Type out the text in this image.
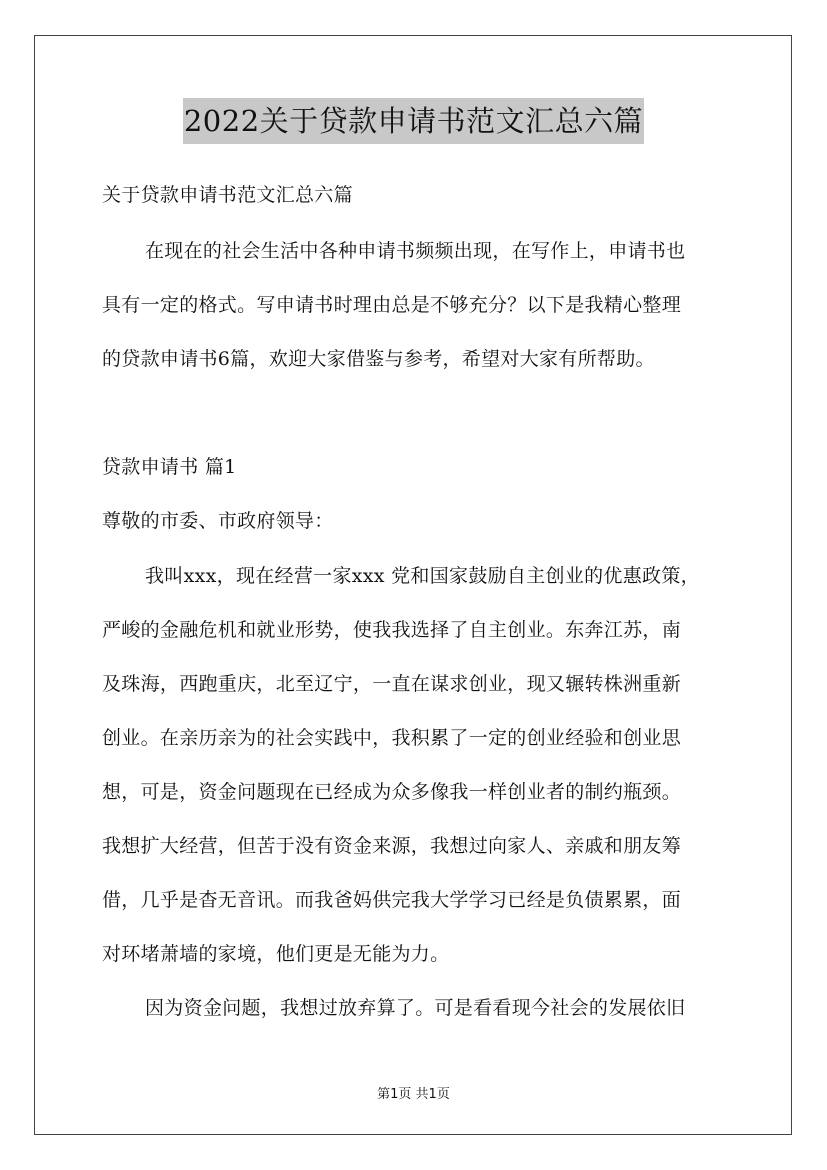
2022关于贷款申请书范文汇总六篇
关于贷款申请书范文汇总六篇
在现在的社会生活中各种申请书频频出现，在写作上，申请书也
具有一定的格式。写申请书时理由总是不够充分？以下是我精心整理
的贷款申请书6篇，欢迎大家借鉴与参考，希望对大家有所帮助。
贷款申请书 篇1
尊敬的市委、市政府领导：
我叫xxx，现在经营一家xxx 党和国家鼓励自主创业的优惠政策，
严峻的金融危机和就业形势，使我我选择了自主创业。东奔江苏，南
及珠海，西跑重庆，北至辽宁，一直在谋求创业，现又辗转株洲重新
创业。在亲历亲为的社会实践中，我积累了一定的创业经验和创业思
想，可是，资金问题现在已经成为众多像我一样创业者的制约瓶颈。
我想扩大经营，但苦于没有资金来源，我想过向家人、亲戚和朋友筹
借，几乎是杳无音讯。而我爸妈供完我大学学习已经是负债累累，面
对环堵萧墙的家境，他们更是无能为力。
因为资金问题，我想过放弃算了。可是看看现今社会的发展依旧
第1页 共1页
